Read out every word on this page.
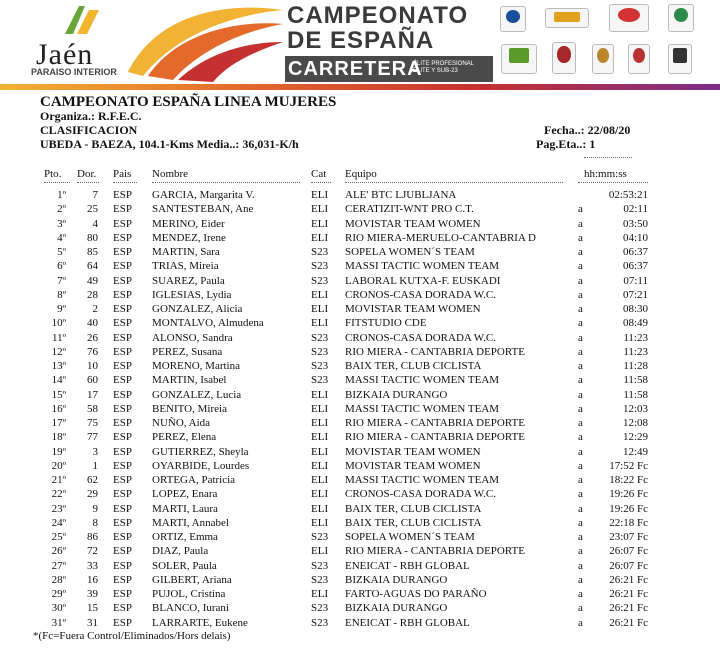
Jaén
PARAISO INTERIOR
CAMPEONATO
DE ESPAÑA
CARRETERA
ÉLITE PROFESIONAL
ÉLITE Y SUB-23
CAMPEONATO ESPAÑA LINEA MUJERES
Organiza.: R.F.E.C.
CLASIFICACION	Fecha..: 22/08/20
UBEDA - BAEZA, 104.1-Kms Media..: 36,031-K/h	Pag.Eta..: 1
Pto. Dor. Pais Nombre	Cat Equipo	hh:mm:ss
1º	7 ESP GARCIA, Margarita V.	ELI ALE' BTC LJUBLJANA	02:53:21
2º	25 ESP SANTESTEBAN, Ane	ELI CERATIZIT-WNT PRO C.T.	a	02:11
3º	4 ESP MERINO, Eider	ELI MOVISTAR TEAM WOMEN	a	03:50
4º	80 ESP MENDEZ, Irene	ELI RIO MIERA-MERUELO-CANTABRIA D	a	04:10
5º	85 ESP MARTIN, Sara	S23 SOPELA WOMEN´S TEAM	a	06:37
6º	64 ESP TRIAS, Mireia	S23 MASSI TACTIC WOMEN TEAM	a	06:37
7º	49 ESP SUAREZ, Paula	S23 LABORAL KUTXA-F. EUSKADI	a	07:11
8º	28 ESP IGLESIAS, Lydia	ELI CRONOS-CASA DORADA W.C.	a	07:21
9º	2 ESP GONZALEZ, Alicia	ELI MOVISTAR TEAM WOMEN	a	08:30
10º	40 ESP MONTALVO, Almudena	ELI FITSTUDIO CDE	a	08:49
11º	26 ESP ALONSO, Sandra	S23 CRONOS-CASA DORADA W.C.	a	11:23
12º	76 ESP PEREZ, Susana	S23 RIO MIERA - CANTABRIA DEPORTE	a	11:23
13º	10 ESP MORENO, Martina	S23 BAIX TER, CLUB CICLISTA	a	11:28
14º	60 ESP MARTIN, Isabel	S23 MASSI TACTIC WOMEN TEAM	a	11:58
15º	17 ESP GONZALEZ, Lucia	ELI BIZKAIA DURANGO	a	11:58
16º	58 ESP BENITO, Mireia	ELI MASSI TACTIC WOMEN TEAM	a	12:03
17º	75 ESP NUÑO, Aida	ELI RIO MIERA - CANTABRIA DEPORTE	a	12:08
18º	77 ESP PEREZ, Elena	ELI RIO MIERA - CANTABRIA DEPORTE	a	12:29
19º	3 ESP GUTIERREZ, Sheyla	ELI MOVISTAR TEAM WOMEN	a	12:49
20º	1 ESP OYARBIDE, Lourdes	ELI MOVISTAR TEAM WOMEN	a	17:52 Fc
21º	62 ESP ORTEGA, Patricia	ELI MASSI TACTIC WOMEN TEAM	a	18:22 Fc
22º	29 ESP LOPEZ, Enara	ELI CRONOS-CASA DORADA W.C.	a	19:26 Fc
23º	9 ESP MARTI, Laura	ELI BAIX TER, CLUB CICLISTA	a	19:26 Fc
24º	8 ESP MARTI, Annabel	ELI BAIX TER, CLUB CICLISTA	a	22:18 Fc
25º	86 ESP ORTIZ, Emma	S23 SOPELA WOMEN´S TEAM	a	23:07 Fc
26º	72 ESP DIAZ, Paula	ELI RIO MIERA - CANTABRIA DEPORTE	a	26:07 Fc
27º	33 ESP SOLER, Paula	S23 ENEICAT - RBH GLOBAL	a	26:07 Fc
28º	16 ESP GILBERT, Ariana	S23 BIZKAIA DURANGO	a	26:21 Fc
29º	39 ESP PUJOL, Cristina	ELI FARTO-AGUAS DO PARAÑO	a	26:21 Fc
30º	15 ESP BLANCO, Iurani	S23 BIZKAIA DURANGO	a	26:21 Fc
31º	31 ESP LARRARTE, Eukene	S23 ENEICAT - RBH GLOBAL	a	26:21 Fc
*(Fc=Fuera Control/Eliminados/Hors delais)
